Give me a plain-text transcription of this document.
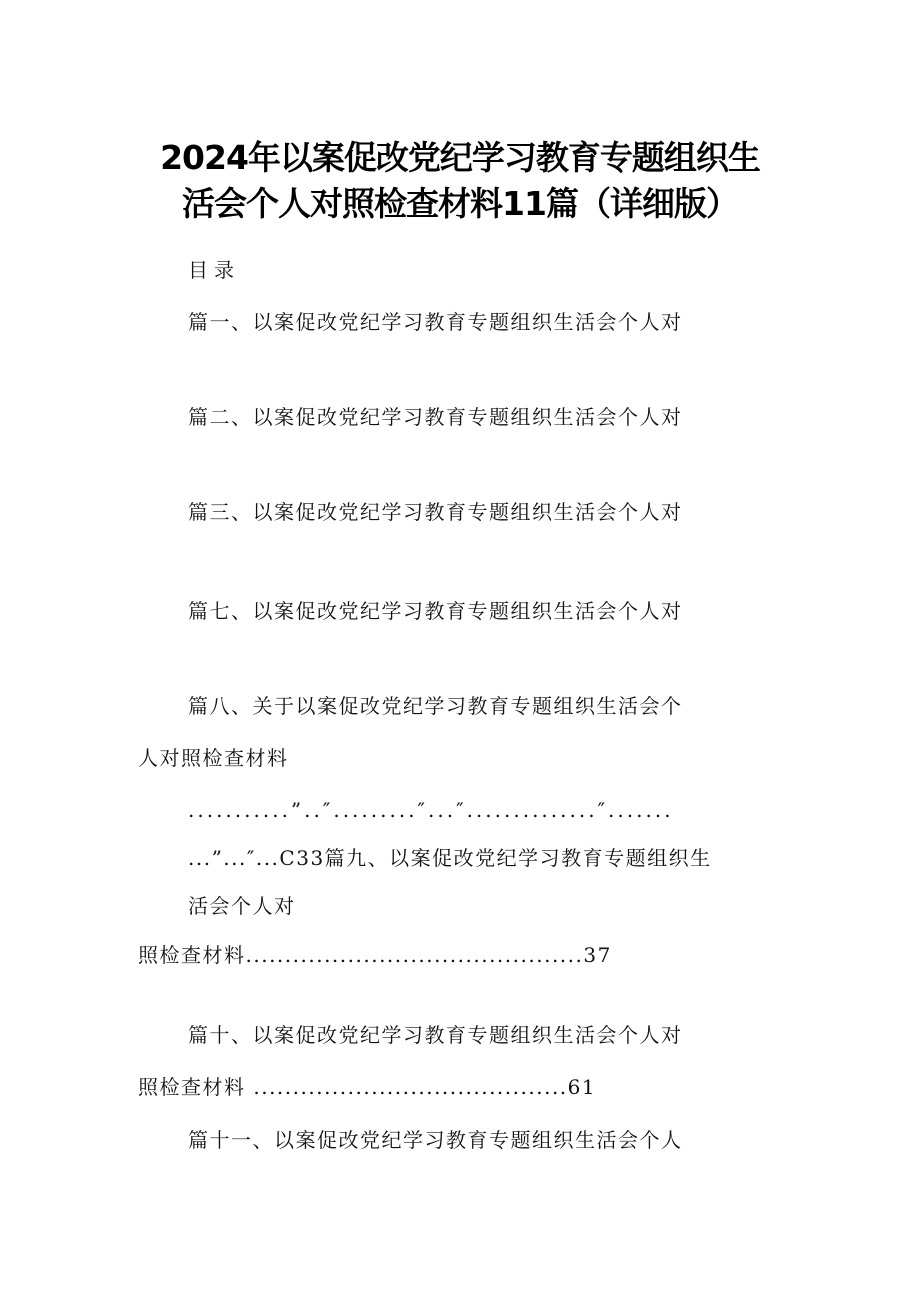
2024年以案促改党纪学习教育专题组织生
活会个人对照检查材料11篇（详细版）
目录
篇一、以案促改党纪学习教育专题组织生活会个人对
篇二、以案促改党纪学习教育专题组织生活会个人对
篇三、以案促改党纪学习教育专题组织生活会个人对
篇七、以案促改党纪学习教育专题组织生活会个人对
篇八、关于以案促改党纪学习教育专题组织生活会个
人对照检查材料
...........”..″.........″...″..............″.......
...”...″...C33篇九、以案促改党纪学习教育专题组织生
活会个人对
照检查材料...........................................37
篇十、以案促改党纪学习教育专题组织生活会个人对
照检查材料 ........................................61
篇十一、以案促改党纪学习教育专题组织生活会个人
